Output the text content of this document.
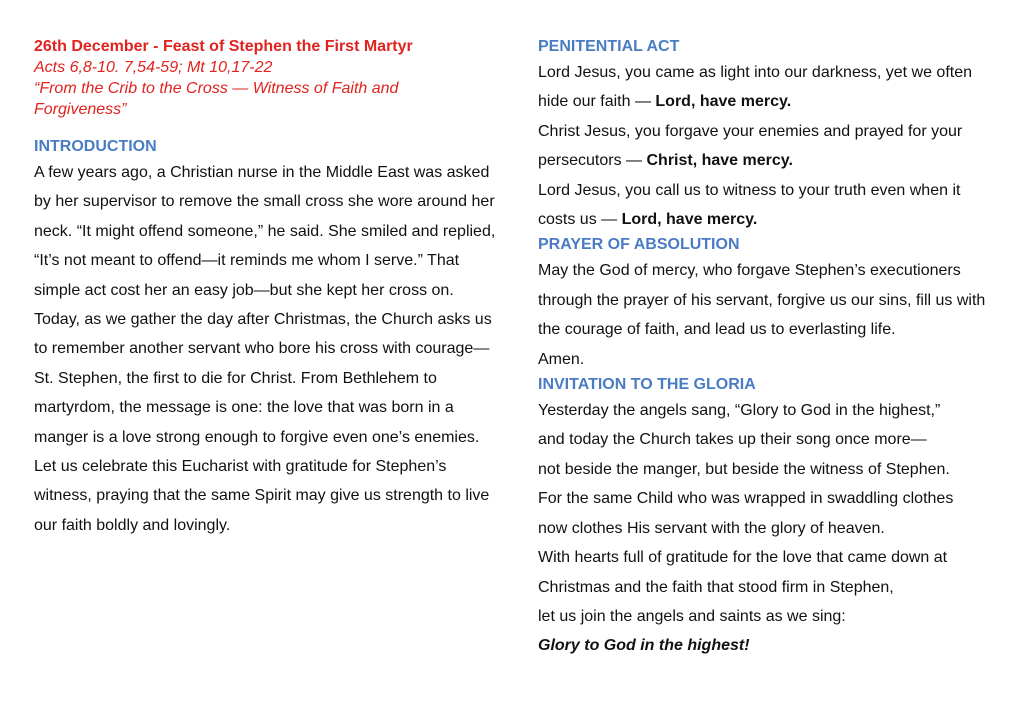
26th December - Feast of Stephen the First Martyr
Acts 6,8-10. 7,54-59; Mt 10,17-22
“From the Crib to the Cross — Witness of Faith and
Forgiveness”

INTRODUCTION

A few years ago, a Christian nurse in the Middle East was asked by her supervisor to remove the small cross she wore around her neck. “It might offend someone,” he said. She smiled and replied, “It’s not meant to offend—it reminds me whom I serve.” That simple act cost her an easy job—but she kept her cross on.

Today, as we gather the day after Christmas, the Church asks us to remember another servant who bore his cross with courage—St. Stephen, the first to die for Christ. From Bethlehem to martyrdom, the message is one: the love that was born in a manger is a love strong enough to forgive even one’s enemies.

Let us celebrate this Eucharist with gratitude for Stephen’s witness, praying that the same Spirit may give us strength to live our faith boldly and lovingly.

PENITENTIAL ACT

Lord Jesus, you came as light into our darkness, yet we often hide our faith — Lord, have mercy.

Christ Jesus, you forgave your enemies and prayed for your persecutors — Christ, have mercy.

Lord Jesus, you call us to witness to your truth even when it costs us — Lord, have mercy.

PRAYER OF ABSOLUTION

May the God of mercy, who forgave Stephen’s executioners through the prayer of his servant, forgive us our sins, fill us with the courage of faith, and lead us to everlasting life.

Amen.

INVITATION TO THE GLORIA

Yesterday the angels sang, “Glory to God in the highest,”

and today the Church takes up their song once more—

not beside the manger, but beside the witness of Stephen.

For the same Child who was wrapped in swaddling clothes

now clothes His servant with the glory of heaven.

With hearts full of gratitude for the love that came down at

Christmas and the faith that stood firm in Stephen,

let us join the angels and saints as we sing:

Glory to God in the highest!
